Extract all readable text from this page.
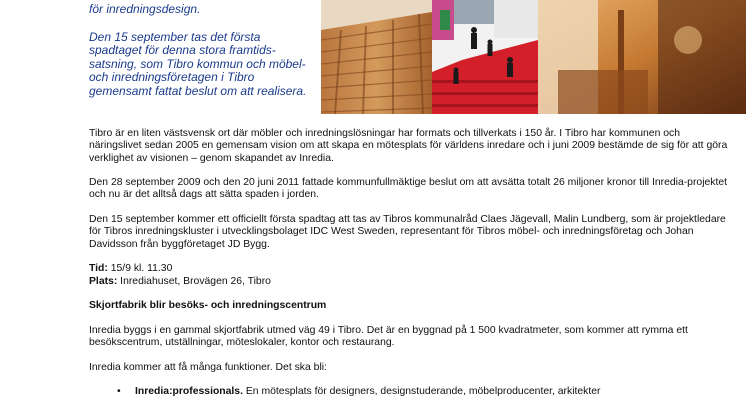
för inredningsdesign.

Den 15 september tas det första spadtaget för denna stora framtids-satsning, som Tibro kommun och möbel- och inredningsföretagen i Tibro gemensamt fattat beslut om att realisera.

Tibro är en liten västsvensk ort där möbler och inredningslösningar har formats och tillverkats i 150 år. I Tibro har kommunen och näringslivet sedan 2005 en gemensam vision om att skapa en mötesplats för världens inredare och i juni 2009 bestämde de sig för att göra verklighet av visionen – genom skapandet av Inredia.

Den 28 september 2009 och den 20 juni 2011 fattade kommunfullmäktige beslut om att avsätta totalt 26 miljoner kronor till Inredia-projektet och nu är det alltså dags att sätta spaden i jorden.

Den 15 september kommer ett officiellt första spadtag att tas av Tibros kommunalråd Claes Jägevall, Malin Lundberg, som är projektledare för Tibros inredningskluster i utvecklingsbolaget IDC West Sweden, representant för Tibros möbel- och inredningsföretag och Johan Davidsson från byggföretaget JD Bygg.

Tid: 15/9 kl. 11.30
Plats: Inrediahuset, Brovägen 26, Tibro

Skjortfabrik blir besöks- och inredningscentrum

Inredia byggs i en gammal skjortfabrik utmed väg 49 i Tibro. Det är en byggnad på 1 500 kvadratmeter, som kommer att rymma ett besökscentrum, utställningar, möteslokaler, kontor och restaurang.

Inredia kommer att få många funktioner. Det ska bli:

• Inredia:professionals. En mötesplats för designers, designstuderande, möbelproducenter, arkitekter
